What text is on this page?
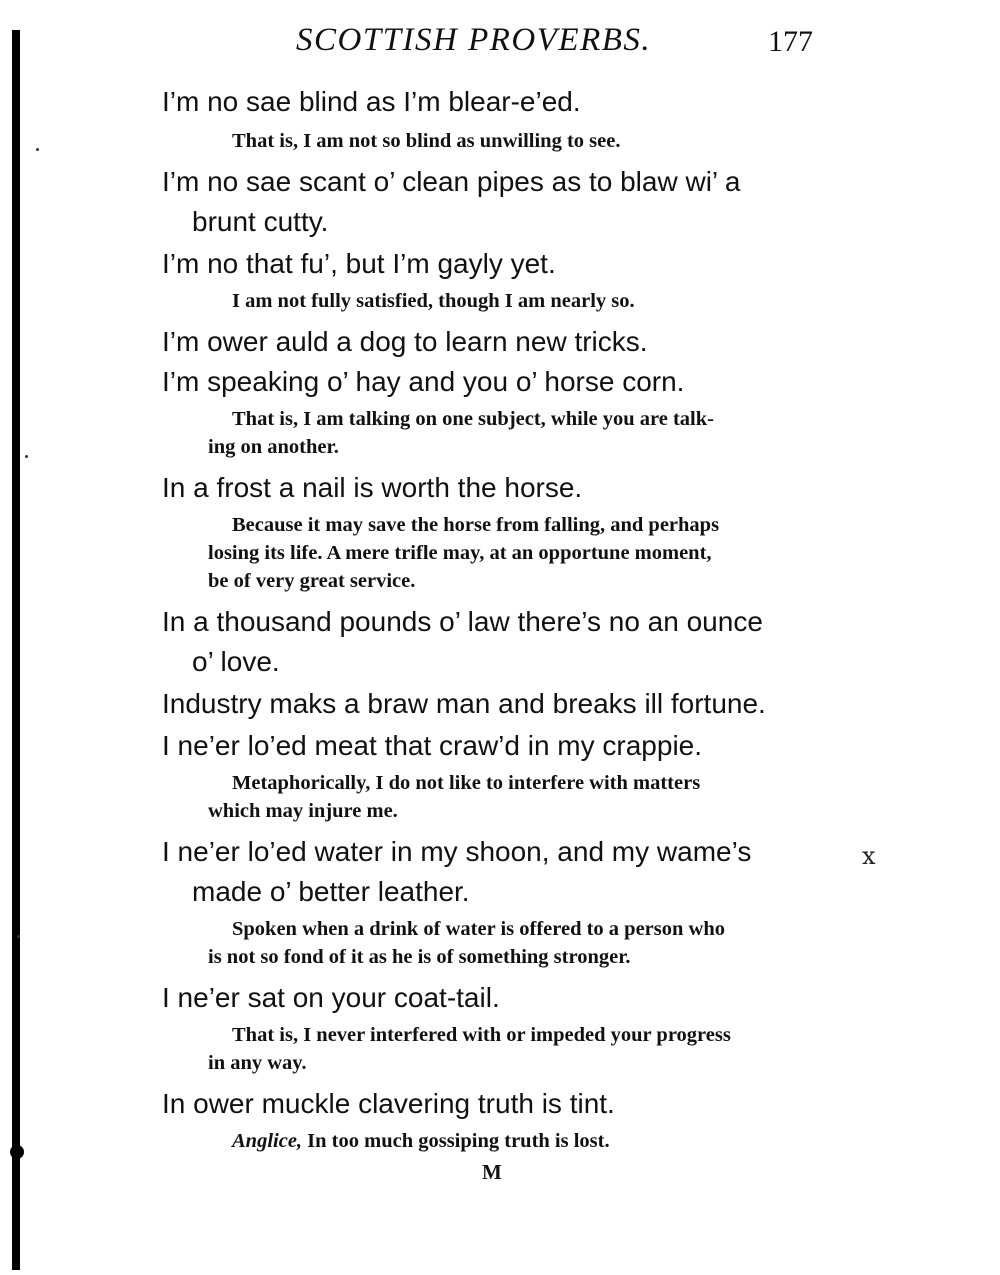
SCOTTISH PROVERBS.	177
I’m no sae blind as I’m blear-e’ed.
That is, I am not so blind as unwilling to see.
I’m no sae scant o’ clean pipes as to blaw wi’ a
brunt cutty.
I’m no that fu’, but I’m gayly yet.
I am not fully satisfied, though I am nearly so.
I’m ower auld a dog to learn new tricks.
I’m speaking o’ hay and you o’ horse corn.
That is, I am talking on one subject, while you are talk-
ing on another.
In a frost a nail is worth the horse.
Because it may save the horse from falling, and perhaps
losing its life. A mere trifle may, at an opportune moment,
be of very great service.
In a thousand pounds o’ law there’s no an ounce
o’ love.
Industry maks a braw man and breaks ill fortune.
I ne’er lo’ed meat that craw’d in my crappie.
Metaphorically, I do not like to interfere with matters
which may injure me.
I ne’er lo’ed water in my shoon, and my wame’s
made o’ better leather.
Spoken when a drink of water is offered to a person who
is not so fond of it as he is of something stronger.
I ne’er sat on your coat-tail.
That is, I never interfered with or impeded your progress
in any way.
In ower muckle clavering truth is tint.
Anglice, In too much gossiping truth is lost.
M
x
